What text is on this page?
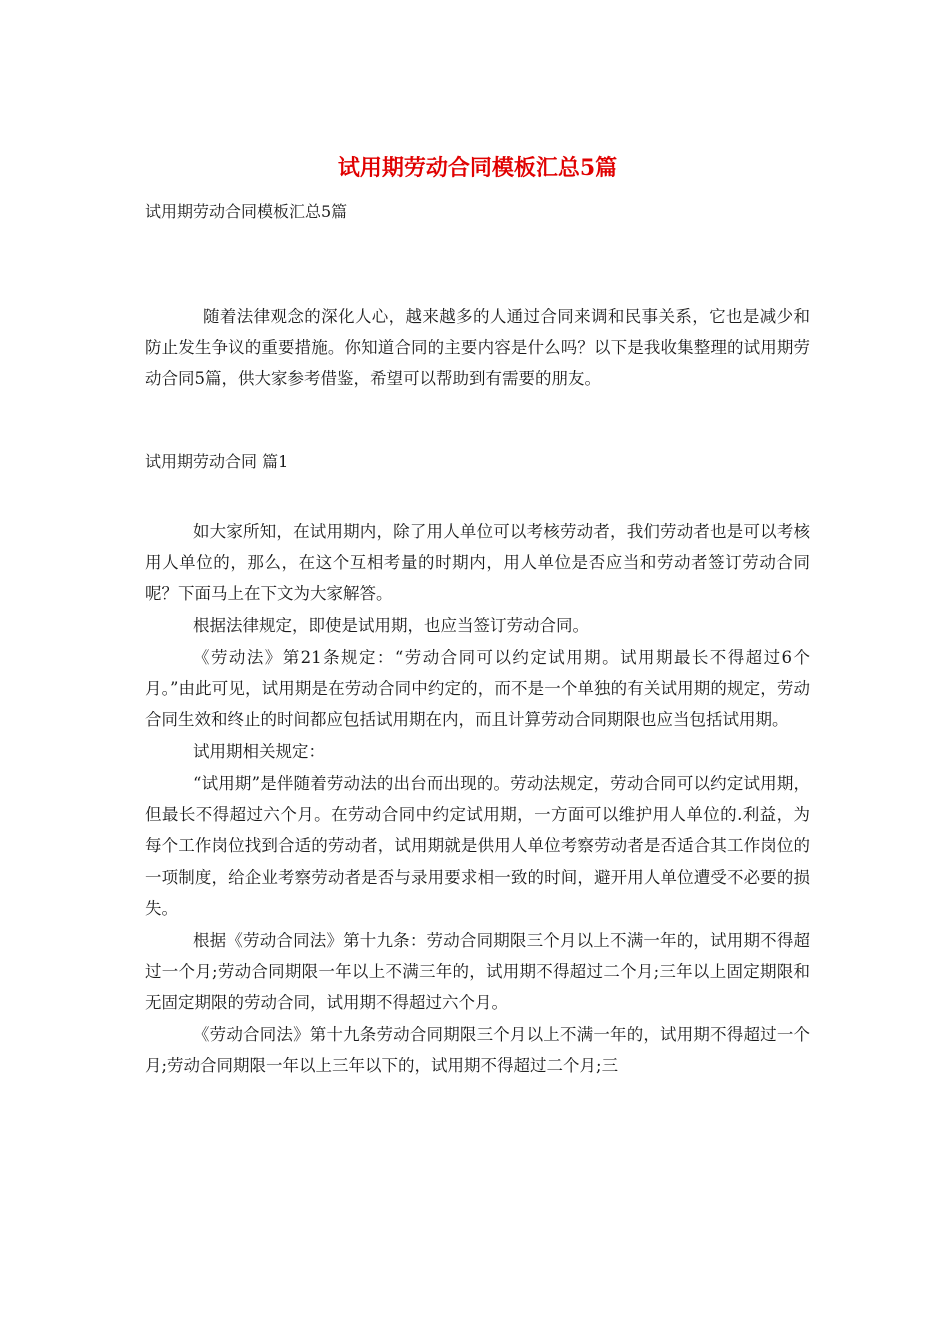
试用期劳动合同模板汇总5篇

试用期劳动合同模板汇总5篇

随着法律观念的深化人心，越来越多的人通过合同来调和民事关系，它也是减少和防止发生争议的重要措施。你知道合同的主要内容是什么吗？以下是我收集整理的试用期劳动合同5篇，供大家参考借鉴，希望可以帮助到有需要的朋友。

试用期劳动合同 篇1

如大家所知，在试用期内，除了用人单位可以考核劳动者，我们劳动者也是可以考核用人单位的，那么，在这个互相考量的时期内，用人单位是否应当和劳动者签订劳动合同呢？下面马上在下文为大家解答。

根据法律规定，即使是试用期，也应当签订劳动合同。

《劳动法》第21条规定：“劳动合同可以约定试用期。试用期最长不得超过6个月。”由此可见，试用期是在劳动合同中约定的，而不是一个单独的有关试用期的规定，劳动合同生效和终止的时间都应包括试用期在内，而且计算劳动合同期限也应当包括试用期。

试用期相关规定：

“试用期”是伴随着劳动法的出台而出现的。劳动法规定，劳动合同可以约定试用期，但最长不得超过六个月。在劳动合同中约定试用期，一方面可以维护用人单位的.利益，为每个工作岗位找到合适的劳动者，试用期就是供用人单位考察劳动者是否适合其工作岗位的一项制度，给企业考察劳动者是否与录用要求相一致的时间，避开用人单位遭受不必要的损失。

根据《劳动合同法》第十九条：劳动合同期限三个月以上不满一年的，试用期不得超过一个月;劳动合同期限一年以上不满三年的，试用期不得超过二个月;三年以上固定期限和无固定期限的劳动合同，试用期不得超过六个月。

《劳动合同法》第十九条劳动合同期限三个月以上不满一年的，试用期不得超过一个月;劳动合同期限一年以上三年以下的，试用期不得超过二个月;三
